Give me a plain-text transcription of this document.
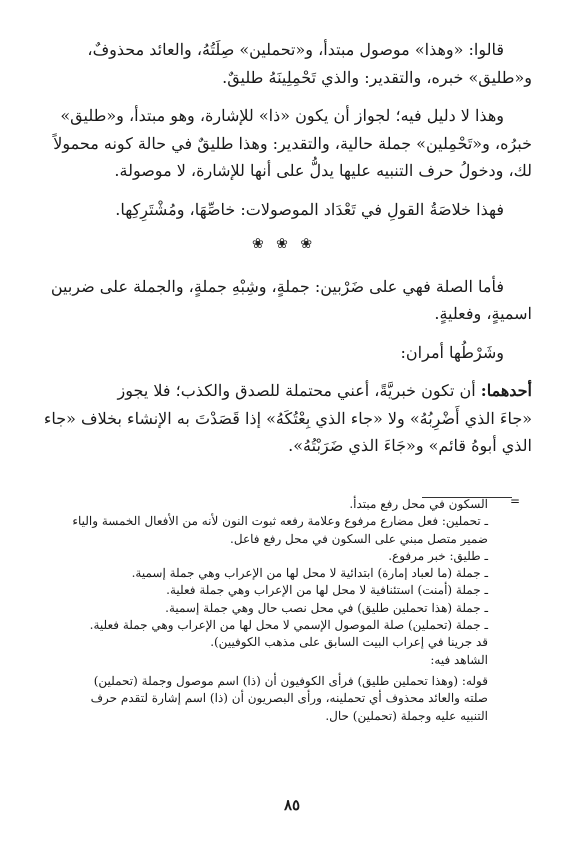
قالوا: «وهذا» موصول مبتدأ، و«تحملين» صِلَتُهُ، والعائد محذوفٌ،

و«طليق» خبره، والتقدير: والذي تَحْمِلِينَهُ طليقٌ.

وهذا لا دليل فيه؛ لجواز أن يكون «ذا» للإشارة، وهو مبتدأ، و«طليق»

خبرُه، و«تَحْمِلين» جملة حالية، والتقدير: وهذا طليقٌ في حالة كونه محمولاً

لك، ودخولُ حرف التنبيه عليها يدلُّ على أنها للإشارة، لا موصولة.

فهذا خلاصَةُ القولِ في تَعْدَاد الموصولات: خاصِّهَا، ومُشْتَرِكِها.

❀ ❀ ❀

فأما الصلة فهي على ضَرْبين: جملةٍ، وشِبْهِ جملةٍ، والجملة على ضربين

اسميةٍ، وفعليةٍ.

وشَرْطُها أمران:

أحدهما: أن تكون خبريَّةً، أعني محتملة للصدق والكذب؛ فلا يجوز

«جاءَ الذي أَضْرِبُهُ» ولا «جاء الذي بِعْتُكَهُ» إذا قَصَدْتَ به الإنشاء بخلاف «جاء

الذي أبوهُ قائم» و«جَاءَ الذي ضَرَبْتُهُ».

=

السكون في محل رفع مبتدأ.

ـ تحملين: فعل مضارع مرفوع وعلامة رفعه ثبوت النون لأنه من الأفعال الخمسة والياء

ضمير متصل مبني على السكون في محل رفع فاعل.

ـ طليق: خبر مرفوع.

ـ جملة (ما لعباد إمارة) ابتدائية لا محل لها من الإعراب وهي جملة إسمية.

ـ جملة (أمنت) استئنافية لا محل لها من الإعراب وهي جملة فعلية.

ـ جملة (هذا تحملين طليق) في محل نصب حال وهي جملة إسمية.

ـ جملة (تحملين) صلة الموصول الإسمي لا محل لها من الإعراب وهي جملة فعلية.

قد جرينا في إعراب البيت السابق على مذهب الكوفيين).

الشاهد فيه:

قوله: (وهذا تحملين طليق) فرأى الكوفيون أن (ذا) اسم موصول وجملة (تحملين)

صلته والعائد محذوف أي تحملينه، ورأى البصريون أن (ذا) اسم إشارة لتقدم حرف

التنبيه عليه وجملة (تحملين) حال.

٨٥
